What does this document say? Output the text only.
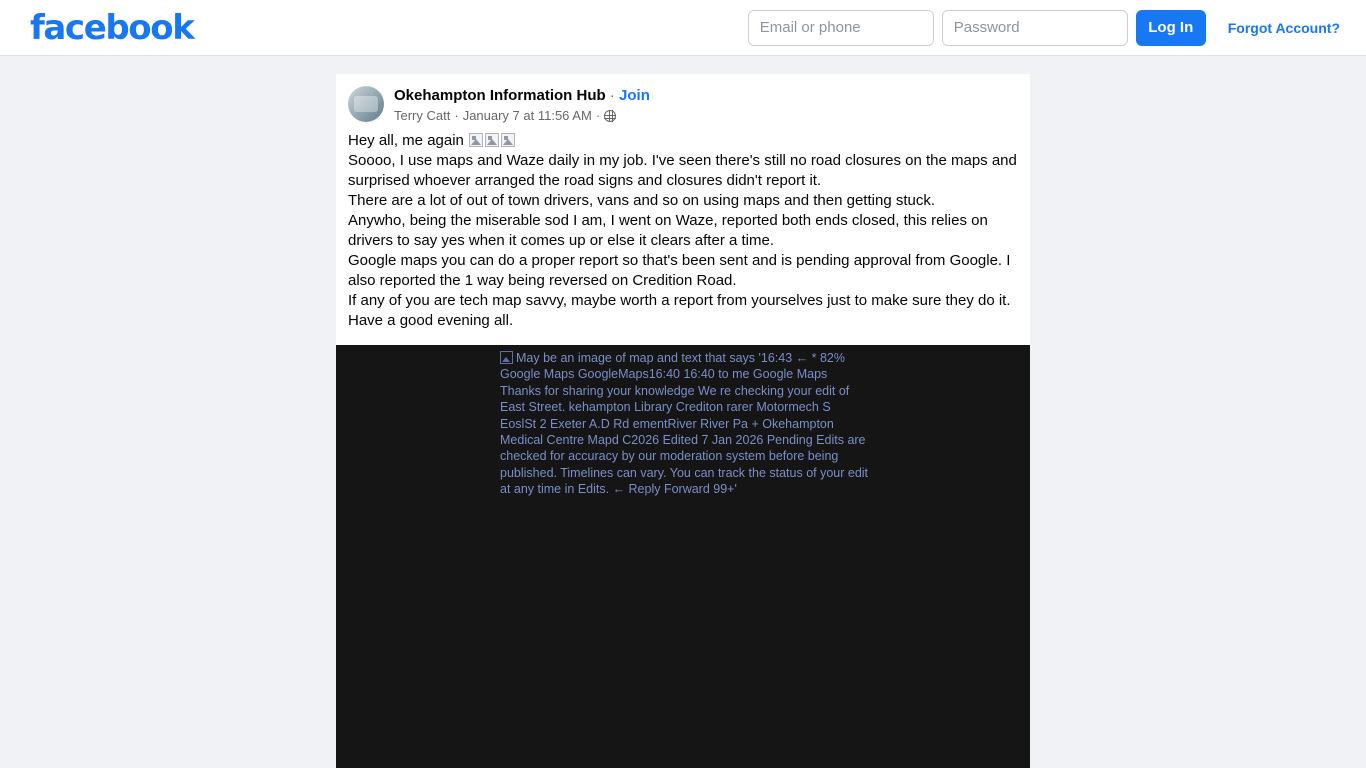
facebook
Email or phone	Log In	Forgot Account?
Okehampton Information Hub · Join
Terry Catt · January 7 at 11:56 AM ·

Hey all, me again

Soooo, I use maps and Waze daily in my job. I've seen there's still no road closures on the maps and surprised whoever arranged the road signs and closures didn't report it.

There are a lot of out of town drivers, vans and so on using maps and then getting stuck.

Anywho, being the miserable sod I am, I went on Waze, reported both ends closed, this relies on drivers to say yes when it comes up or else it clears after a time.

Google maps you can do a proper report so that's been sent and is pending approval from Google. I also reported the 1 way being reversed on Credition Road.

If any of you are tech map savvy, maybe worth a report from yourselves just to make sure they do it.

Have a good evening all.

May be an image of map and text that says '16:43 ← * 82% Google Maps GoogleMaps16:40 16:40 to me Google Maps Thanks for sharing your knowledge We re checking your edit of East Street. kehampton Library Crediton rarer Motormech S EoslSt 2 Exeter A.D Rd ementRiver River Pa + Okehampton Medical Centre Mapd C2026 Edited 7 Jan 2026 Pending Edits are checked for accuracy by our moderation system before being published. Timelines can vary. You can track the status of your edit at any time in Edits. ← Reply Forward 99+'
